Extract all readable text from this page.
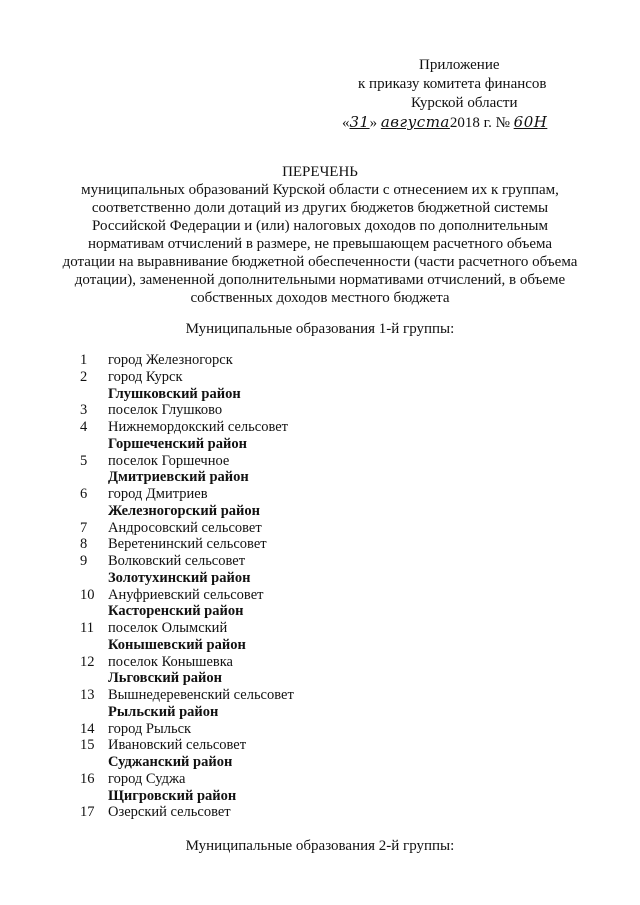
Приложение
к приказу комитета финансов
Курской области
«31» августа2018 г. № 60Н
ПЕРЕЧЕНЬ
муниципальных образований Курской области с отнесением их к группам, соответственно доли дотаций из других бюджетов бюджетной системы Российской Федерации и (или) налоговых доходов по дополнительным нормативам отчислений в размере, не превышающем расчетного объема дотации на выравнивание бюджетной обеспеченности (части расчетного объема дотации), замененной дополнительными нормативами отчислений, в объеме собственных доходов местного бюджета
Муниципальные образования 1-й группы:
1	город Железногорск
2	город Курск
Глушковский район
3	поселок Глушково
4	Нижнемордокский сельсовет
Горшеченский район
5	поселок Горшечное
Дмитриевский район
6	город Дмитриев
Железногорский район
7	Андросовский сельсовет
8	Веретенинский сельсовет
9	Волковский сельсовет
Золотухинский район
10 Ануфриевский сельсовет
Касторенский район
11 поселок Олымский
Конышевский район
12 поселок Конышевка
Льговский район
13 Вышнедеревенский сельсовет
Рыльский район
14 город Рыльск
15 Ивановский сельсовет
Суджанский район
16 город Суджа
Щигровский район
17 Озерский сельсовет
Муниципальные образования 2-й группы:
